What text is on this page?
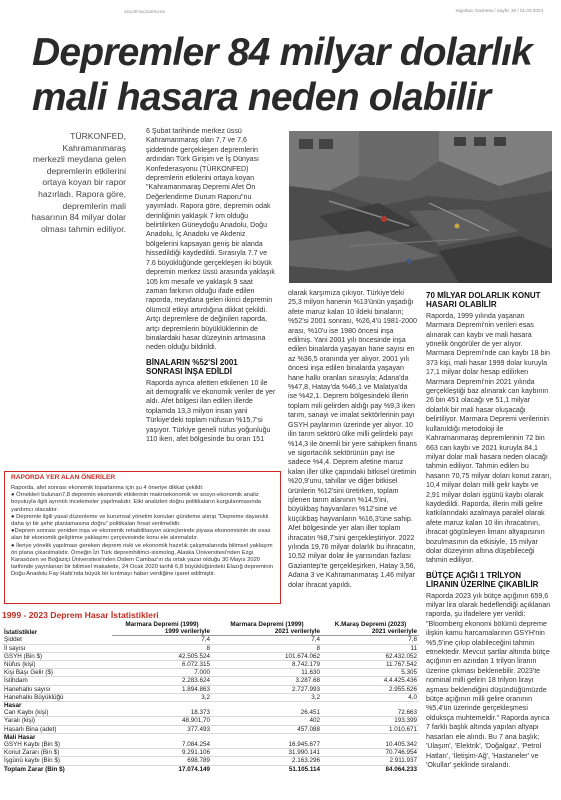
SİGORTACIDERGİSİ	Sigortacı Gazetesi / Sayfa: 20 / 01.03.2023
Depremler 84 milyar dolarlık mali hasara neden olabilir
TÜRKONFED, Kahramanmaraş merkezli meydana gelen depremlerin etkilerini ortaya koyan bir rapor hazırladı. Rapora göre, depremlerin mali hasarının 84 milyar dolar olması tahmin ediliyor.

6 Şubat tarihinde merkez üssü Kahramanmaraş olan 7,7 ve 7,6 şiddetinde gerçekleşen depremlerin ardından Türk Girişim ve İş Dünyası Konfederasyonu (TÜRKONFED) depremlerin etkilerini ortaya koyan "Kahramanmaraş Depremi Afet Ön Değerlendirme Durum Raporu"nu yayımladı. Rapora göre, depremin odak derinliğinin yaklaşık 7 km olduğu belirtilirken Güneydoğu Anadolu, Doğu Anadolu, İç Anadolu ve Akdeniz bölgelerini kapsayan geniş bir alanda hissedildiği kaydedildi. Sırasıyla 7.7 ve 7.6 büyüklüğünde gerçekleşen iki büyük depremin merkez üssü arasında yaklaşık 105 km mesafe ve yaklaşık 9 saat zaman farkının olduğu ifade edilen raporda, meydana gelen ikinci depremin ölümcül etkiyi artırdığına dikkat çekildi. Artçı depremlere de değinilen raporda, artçı depremlerin büyüklüklerinin de binalardaki hasar düzeyinin artmasına neden olduğu bildirildi.

BİNALARIN %52'Sİ 2001 SONRASI İNŞA EDİLDİ

Raporda ayrıca afetten etkilenen 10 ile ait demografik ve ekonomik veriler de yer aldı. Afet bölgesi ilan edilen illerde toplamda 13,3 milyon insan yani Türkiye'deki toplam nüfusun %15,7'si yaşıyor. Türkiye geneli nüfus yoğunluğu 110 iken, afet bölgesinde bu oran 151

olarak karşımıza çıkıyor. Türkiye'deki 25,3 milyon hanenin %13'ünün yaşadığı afete maruz kalan 10 ildeki binaların; %52'si 2001 sonrası, %26,4'ü 1981-2000 arası, %10'u ise 1980 öncesi inşa edilmiş. Yani 2001 yılı öncesinde inşa edilen binalarda yaşayan hane sayısı en az %36,5 oranında yer alıyor. 2001 yılı öncesi inşa edilen binalarda yaşayan hane halkı oranları sırasıyla; Adana'da %47,8, Hatay'da %46,1 ve Malatya'da ise %42,1. Deprem bölgesindeki illerin toplam mili gelirden aldığı pay %9,3 iken tarım, sanayi ve imalat sektörlerinin payı GSYH paylarının üzerinde yer alıyor. 10 ilin tarım sektörü ülke milli gelirdeki payı %14,3 ile önemli bir yere sahipken finans ve sigortacılık sektörünün payı ise sadece %4,4. Deprem afetine maruz kalan iller ülke çapındaki bitkisel üretimin %20,9'unu, tahıllar ve diğer bitkisel ürünlerin %12'sini üretirken, toplam işlenen tarım alanının %14,5'ini, büyükbaş hayvanların %12'sine ve küçükbaş hayvanların %16,3'üne sahip. Afet bölgesinde yer alan iller toplam ihracatın %8,7'sini gerçekleştiriyor. 2022 yılında 19,76 milyar dolarlık bu ihracatın, 10,52 milyar dolar ile yarısından fazlası Gaziantep'te gerçekleşirken, Hatay 3,56, Adana 3 ve Kahramanmaraş 1,46 milyar dolar ihracat yapıldı.

70 MİLYAR DOLARLIK KONUT HASARI OLABİLİR

Raporda, 1999 yılında yaşanan Marmara Depremi'nin verileri esas alınarak can kaybı ve mali hasara yönelik öngörüler de yer alıyor. Marmara Depremi'nde can kaybı 18 bin 373 kişi, mali hasar 1999 dolar kuruyla 17,1 milyar dolar hesap edilirken Marmara Depremi'nin 2021 yılında gerçekleştiği baz alınarak can kaybının 26 bin 451 olacağı ve 51,1 milyar dolarlık bir mali hasar oluşacağı belirtiliyor. Marmara Depremi verilerinin kullanıldığı metodoloji ile Kahramanmaraş depremlerinin 72 bin 663 can kaybı ve 2021 kuruyla 84,1 milyar dolar mali hasara neden olacağı tahmin ediliyor. Tahmin edilen bu hasarın 70,75 milyar doları konut zararı, 10,4 milyar doları milli gelir kaybı ve 2,91 milyar doları işgünü kaybı olarak kaydedildi. Raporda, illerin milli gelire katkılarındaki azalmaya paralel olarak afete maruz kalan 10 ilin ihracatının, ihracat gögüsleyen limanı altyapısının bozulmasının da etkisiyle, 15 milyar dolar düzeyinin altına düşebileceği tahmin ediliyor.

BÜTÇE AÇIĞI 1 TRİLYON LİRANIN ÜZERİNE ÇIKABİLİR

Raporda 2023 yılı bütçe açığının 659,6 milyar lira olarak hedeflendiği açıklanan raporda, şu ifadelere yer verildi: "Bloomberg ekonomi bölümü depreme ilişkin kamu harcamalarının GSYH'nin %5,5'ine çıkıp olabileceğini tahmin etmektedir. Mevcut şartlar altında bütçe açığının en azından 1 trilyon liranın üzerine çıkması beklenebilir. 2023'te nominal milli gelirin 18 trilyon lirayı aşması beklendiğini düşündüğümüzde bütçe açığının milli gelire oranının %5,4'ün üzerinde gerçekleşmesi olduksça muhtemeldir." Raporda ayrıca 7 farklı başlık altında yapılan altyapı hasarları ele alındı. Bu 7 ana başlık; 'Ulaşım', 'Elektrik', 'Doğalgaz', 'Petrol Hatları', 'İletişim-Ağ', 'Hastaneler' ve 'Okullar' şeklinde sıralandı.

RAPORDA YER ALAN ÖNERİLER
Raporda, afet sonrası ekonomik toparlanma için şu 4 öneriye dikkat çekildi:
● Örnekleri bulunan7,8 depremin ekonomik etkilerinin makroekonomik ve sosyo-ekonomik analiz boyutuyla ilgili ayrıntılı incelemeler yapılmalıdır. Etki analizleri doğru politikaların kurgulanmasında yardımcı olacaktır.
● Depremle ilgili yasal düzenleme ve kurumsal yönetim konuları gündeme alınıp "Depreme dayanıklı daha iyi bir şehir planlamasına doğru" politikaları fırsat verilmelidir.
●Deprem sonrası yeniden inşa ve ekonomik rehabilitasyon süreçlerinde piyasa ekonomisinin de esas alan bir ekonomik geliştirme yaklaşımı çerçevesinde konu ele alınmalıdır.
● İleriye yönelik yapılması gereken deprem riski ve ekonomik hazırlık çalışmalarında bilimsel yaklaşım ön plana çıkarılmalıdır. Örneğin İzi Türk depremhilimci-sismolog, Alaska Üniversitesi'nden Ezgi Karasözen ve Boğaziçi Üniversitesi'nden Didem Cambaz'ın da ortak yazar olduğu 30 Mayıs 2020 tarihinde yayınlanan bir bilimsel makalede, 24 Ocak 2020 tarihli 6,8 büyüklüğündeki Elazığ depreminin Doğu Anadolu Fay Hattı'nda büyük bir kırılmayı haber verdiğine işaret edilmiştir.
1999 - 2023 Deprem Hasar İstatistikleri
İstatistikler	Marmara Depremi (1999)	Marmara Depremi (1999)	K.Maraş Depremi (2023)
	1999 verileriyle	2021 verileriyle	2021 verileriyle
Şiddet	7,4	7,4	7,8
İl sayısı	8	8	11
GSYH (Bin $)	42.505.524	101.674.062	62.432.052
Nüfus (kişi)	6.072.315	8.742.179	11.767.542
Kişi Başı Gelir ($)	7.000	11.630	5.305
İstihdam	2.283.624	3.287.68	4.4.425.436
Hanehalkı sayısı	1.894.863	2.727.993	2.955.626
Hanehalkı Büyüklüğü	3,2	3,2	4,0
Hasar			
Can Kaybı (kişi)	18.373	26.451	72.663
Yaralı (kişi)	48.901,70	402	193.399
Hasarlı Bina (adet)	377.493	457.088	1.010.671
Mali Hasar			
GSYH Kaybı (Bin $)	7.084.254	16.945.677	10.405.342
Konut Zararı (Bin $)	9.291.106	31.990.141	70.746.954
İşgünü kaybı (Bin $)	698.789	2.163.296	2.911.937
Toplam Zarar (Bin $)	17.074.149	51.105.114	84.064.233
